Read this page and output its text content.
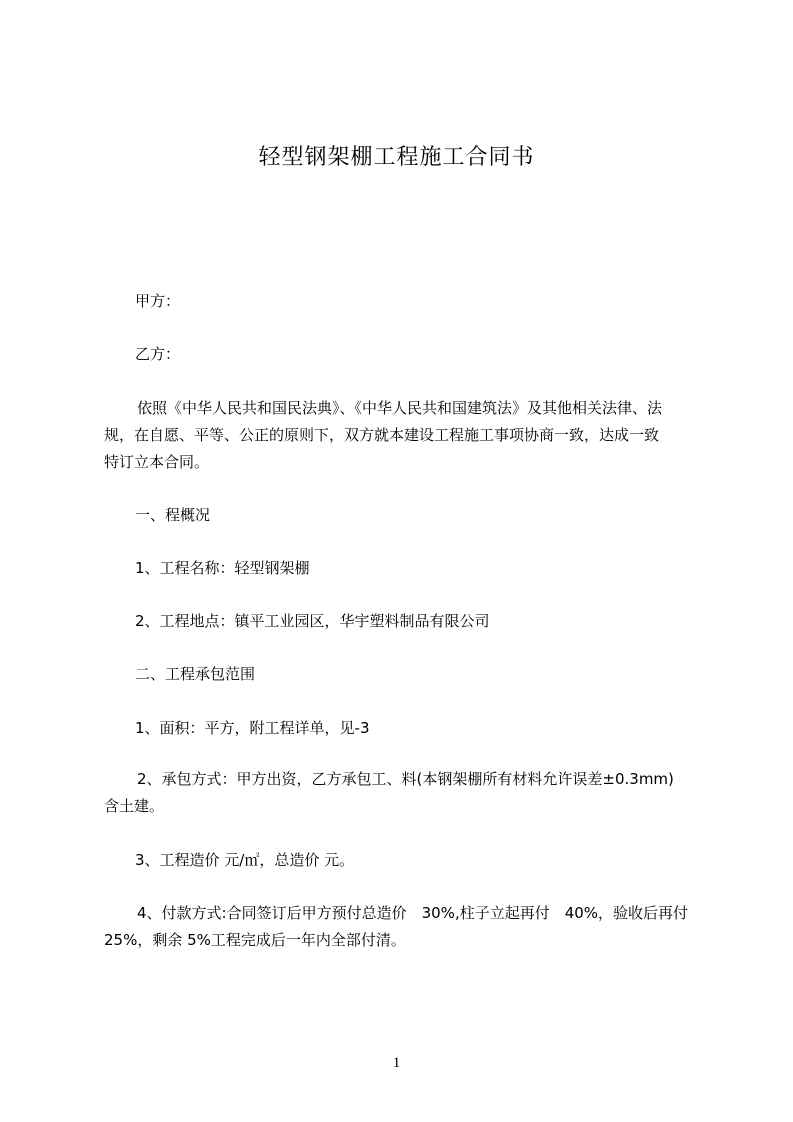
轻型钢架棚工程施工合同书
甲方：
乙方：
依照《中华人民共和国民法典》、《中华人民共和国建筑法》及其他相关法律、法
规，在自愿、平等、公正的原则下，双方就本建设工程施工事项协商一致，达成一致
特订立本合同。
一、程概况
1、工程名称：轻型钢架棚
2、工程地点：镇平工业园区，华宇塑料制品有限公司
二、工程承包范围
1、面积：平方，附工程详单，见-3
2、承包方式：甲方出资，乙方承包工、料(本钢架棚所有材料允许误差±0.3mm)
含土建。
3、工程造价 元/㎡，总造价 元。
4、付款方式:合同签订后甲方预付总造价　30%,柱子立起再付　40%，验收后再付
25%，剩余 5%工程完成后一年内全部付清。
1
